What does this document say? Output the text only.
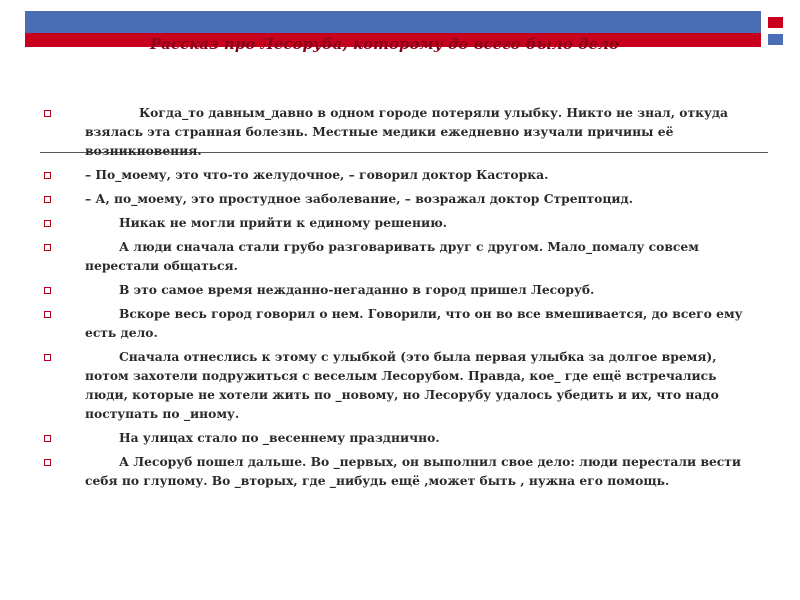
Рассказ про Лесоруба, которому до всего было дело
Когда_то давным_давно в одном городе потеряли улыбку. Никто не знал, откуда взялась эта странная болезнь. Местные медики ежедневно изучали причины её возникновения.
– По_моему, это что-то желудочное, – говорил доктор Касторка.
– А, по_моему, это простудное заболевание, – возражал доктор Стрептоцид.
Никак не могли прийти к единому решению.
А люди сначала стали грубо разговаривать друг с другом. Мало_помалу совсем перестали общаться.
В это самое время нежданно-негаданно в город пришел Лесоруб.
Вскоре весь город говорил о нем. Говорили, что он во все вмешивается, до всего ему есть дело.
Сначала отнеслись к этому с улыбкой (это была первая улыбка за долгое время), потом захотели подружиться с веселым Лесорубом. Правда, кое_ где ещё встречались люди, которые не хотели жить по _новому, но Лесорубу удалось убедить и их, что надо поступать по _иному.
На улицах стало по _весеннему празднично.
А Лесоруб пошел дальше. Во _первых, он выполнил свое дело: люди перестали вести себя по глупому. Во _вторых, где _нибудь ещё ,может быть , нужна его помощь.
